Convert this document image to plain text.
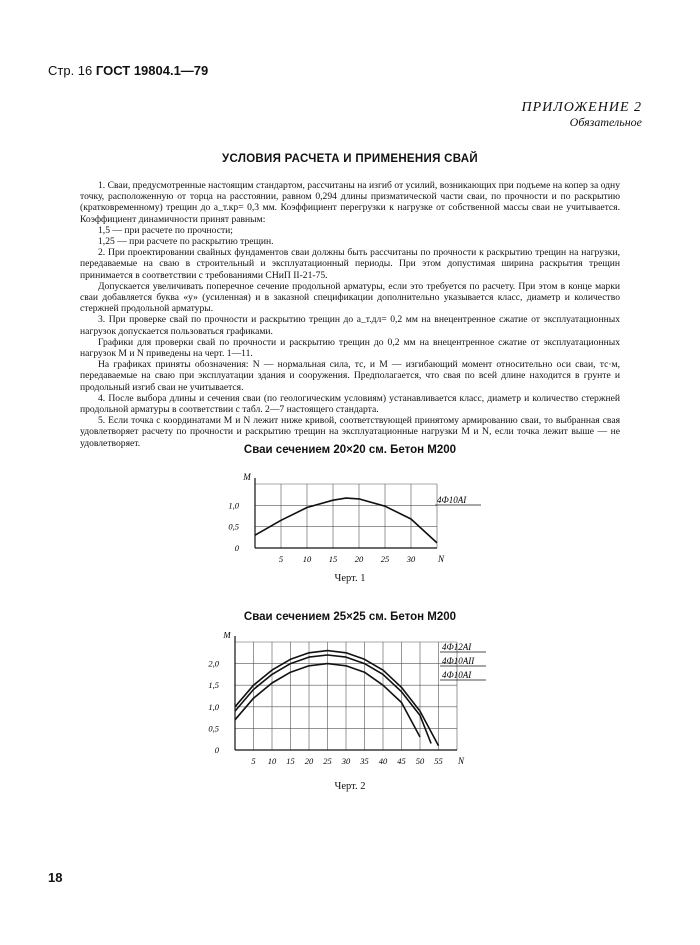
Стр. 16 ГОСТ 19804.1—79
ПРИЛОЖЕНИЕ 2
Обязательное
УСЛОВИЯ РАСЧЕТА И ПРИМЕНЕНИЯ СВАЙ

1. Сваи, предусмотренные настоящим стандартом, рассчитаны на изгиб от усилий, возникающих при подъеме на копер за одну точку, расположенную от торца на расстоянии, равном 0,294 длины призматической части сваи, по прочности и по раскрытию (кратковременному) трещин до a_т.кр= 0,3 мм. Коэффициент перегрузки к нагрузке от собственной массы сваи не учитывается. Коэффициент динамичности принят равным:

1,5 — при расчете по прочности;

1,25 — при расчете по раскрытию трещин.

2. При проектировании свайных фундаментов сваи должны быть рассчитаны по прочности к раскрытию трещин на нагрузки, передаваемые на сваю в строительный и эксплуатационный периоды. При этом допустимая ширина раскрытия трещин принимается в соответствии с требованиями СНиП II-21-75.

Допускается увеличивать поперечное сечение продольной арматуры, если это требуется по расчету. При этом в конце марки сваи добавляется буква «у» (усиленная) и в заказной спецификации дополнительно указывается класс, диаметр и количество стержней продольной арматуры.

3. При проверке свай по прочности и раскрытию трещин до a_т.дл= 0,2 мм на внецентренное сжатие от эксплуатационных нагрузок допускается пользоваться графиками.

Графики для проверки свай по прочности и раскрытию трещин до 0,2 мм на внецентренное сжатие от эксплуатационных нагрузок M и N приведены на черт. 1—11.

На графиках приняты обозначения: N — нормальная сила, тс, и M — изгибающий момент относительно оси сваи, тс·м, передаваемые на сваю при эксплуатации здания и сооружения. Предполагается, что свая по всей длине находится в грунте и продольный изгиб сваи не учитывается.

4. После выбора длины и сечения сваи (по геологическим условиям) устанавливается класс, диаметр и количество стержней продольной арматуры в соответствии с табл. 2—7 настоящего стандарта.

5. Если точка с координатами M и N лежит ниже кривой, соответствующей принятому армированию сваи, то выбранная свая удовлетворяет расчету по прочности и раскрытию трещин на эксплуатационные нагрузки M и N, если точка лежит выше — не удовлетворяет.

Сваи сечением 20×20 см. Бетон М200
0
0,5
1,0
5 10 15 20 25 30	N
M
4Ф10АI
Черт. 1
Сваи сечением 25×25 см. Бетон М200
0
0,5
1,0
1,5
2,0
5 10 15 20 25 30 35 40 45 50 55 N
M
4Ф12АI
4Ф10АII
4Ф10АI
Черт. 2
18
